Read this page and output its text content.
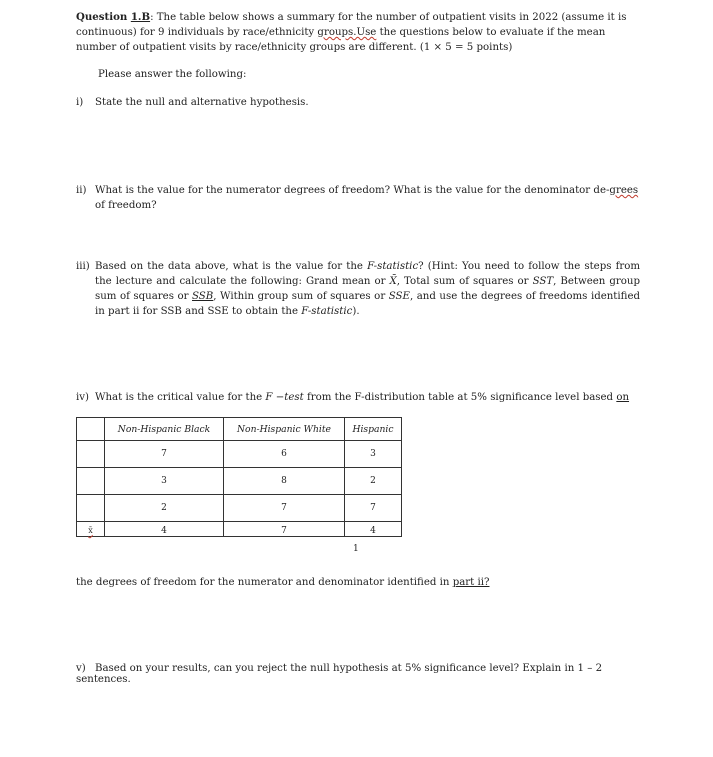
Question 1.B: The table below shows a summary for the number of outpatient visits in 2022 (assume it is continuous) for 9 individuals by race/ethnicity groups.Use the questions below to evaluate if the mean number of outpatient visits by race/ethnicity groups are different. (1 × 5 = 5 points)
Please answer the following:
i) State the null and alternative hypothesis.
ii) What is the value for the numerator degrees of freedom? What is the value for the denominator de-grees of freedom?
iii) Based on the data above, what is the value for the F-statistic? (Hint: You need to follow the steps from the lecture and calculate the following: Grand mean or X̄, Total sum of squares or SST, Between group sum of squares or SSB, Within group sum of squares or SSE, and use the degrees of freedoms identified in part ii for SSB and SSE to obtain the F-statistic).
iv) What is the critical value for the F −test from the F-distribution table at 5% significance level based on
	Non-Hispanic Black	Non-Hispanic White	Hispanic
	7	6	3
	3	8	2
	2	7	7
x̄	4	7	4
1
the degrees of freedom for the numerator and denominator identified in part ii?
v) Based on your results, can you reject the null hypothesis at 5% significance level? Explain in 1 – 2 sentences.
